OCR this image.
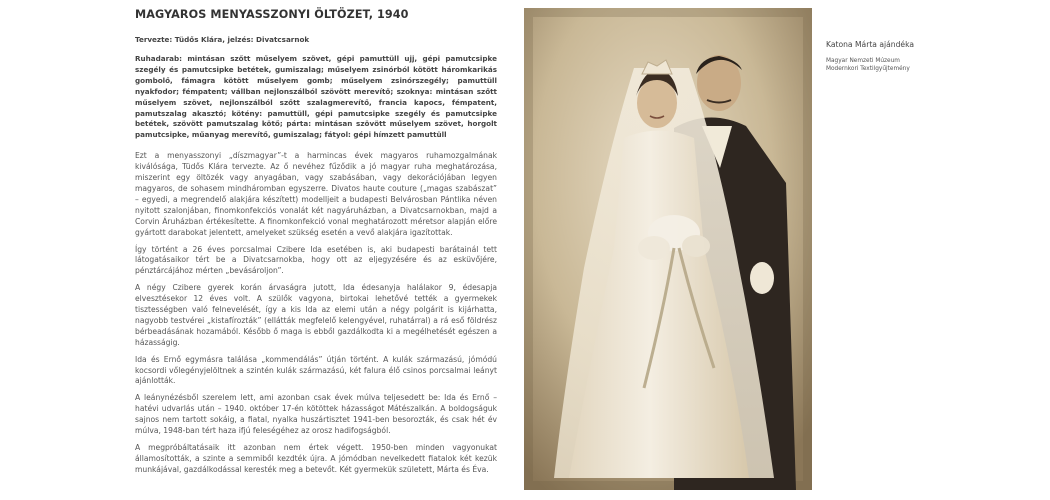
MAGYAROS MENYASSZONYI ÖLTÖZET, 1940

Tervezte: Tüdős Klára, jelzés: Divatcsarnok

Ruhadarab: mintásan szőtt műselyem szövet, gépi pamuttüll ujj, gépi pamutcsipke szegély és pamutcsipke betétek, gumiszalag; műselyem zsinórból kötött háromkarikás gombolő, fámagra kötött műselyem gomb; műselyem zsinórszegély; pamuttüll nyakfodor; fémpatent; vállban nejlonszálból szövött merevítő; szoknya: mintásan szőtt műselyem szövet, nejlonszálból szőtt szalagmerevítő, francia kapocs, fémpatent, pamutszalag akasztó; kötény: pamuttüll, gépi pamutcsipke szegély és pamutcsipke betétek, szövött pamutszalag kötő; párta: mintásan szövött műselyem szövet, horgolt pamutcsipke, műanyag merevítő, gumiszalag; fátyol: gépi hímzett pamuttüll

Ezt a menyasszonyi „díszmagyar”-t a harmincas évek magyaros ruhamozgalmának kiválósága, Tüdős Klára tervezte. Az ő nevéhez fűződik a jó magyar ruha meghatározása, miszerint egy öltözék vagy anyagában, vagy szabásában, vagy dekorációjában legyen magyaros, de sohasem mindháromban egyszerre. Divatos haute couture („magas szabászat” – egyedi, a megrendelő alakjára készített) modelljeit a budapesti Belvárosban Pántlika néven nyitott szalonjában, finomkonfekciós vonalát két nagyáruházban, a Divatcsarnokban, majd a Corvin Áruházban értékesítette. A finomkonfekció vonal meghatározott méretsor alapján előre gyártott darabokat jelentett, amelyeket szükség esetén a vevő alakjára igazítottak.

Így történt a 26 éves porcsalmai Czibere Ida esetében is, aki budapesti barátainál tett látogatásaikor tért be a Divatcsarnokba, hogy ott az eljegyzésére és az esküvőjére, pénztárcájához mérten „bevásároljon”.

A négy Czibere gyerek korán árvaságra jutott, Ida édesanyja halálakor 9, édesapja elvesztésekor 12 éves volt. A szülők vagyona, birtokai lehetővé tették a gyermekek tisztességben való felnevelését, így a kis Ida az elemi után a négy polgárit is kijárhatta, nagyobb testvérei „kistafírozták” (ellátták megfelelő kelengyével, ruhatárral) a rá eső földrész bérbeadásának hozamából. Később ő maga is ebből gazdálkodta ki a megélhetését egészen a házasságig.

Ida és Ernő egymásra találása „kommendálás” útján történt. A kulák származású, jómódú kocsordi vőlegényjelöltnek a szintén kulák származású, két falura élő csinos porcsalmai leányt ajánlották.

A leánynézésből szerelem lett, ami azonban csak évek múlva teljesedett be: Ida és Ernő – hatévi udvarlás után – 1940. október 17-én kötöttek házasságot Mátészalkán. A boldogságuk sajnos nem tartott sokáig, a fiatal, nyalka huszártisztet 1941-ben besorozták, és csak hét év múlva, 1948-ban tért haza ifjú feleségéhez az orosz hadifogságból.

A megpróbáltatásaik itt azonban nem értek végett. 1950-ben minden vagyonukat államosították, a szinte a semmiből kezdték újra. A jómódban nevelkedett fiatalok két kezük munkájával, gazdálkodással keresték meg a betevőt. Két gyermekük született, Márta és Éva.

Katona Márta ajándéka

Magyar Nemzeti Múzeum

Modernkori Textilgyűjtemény
